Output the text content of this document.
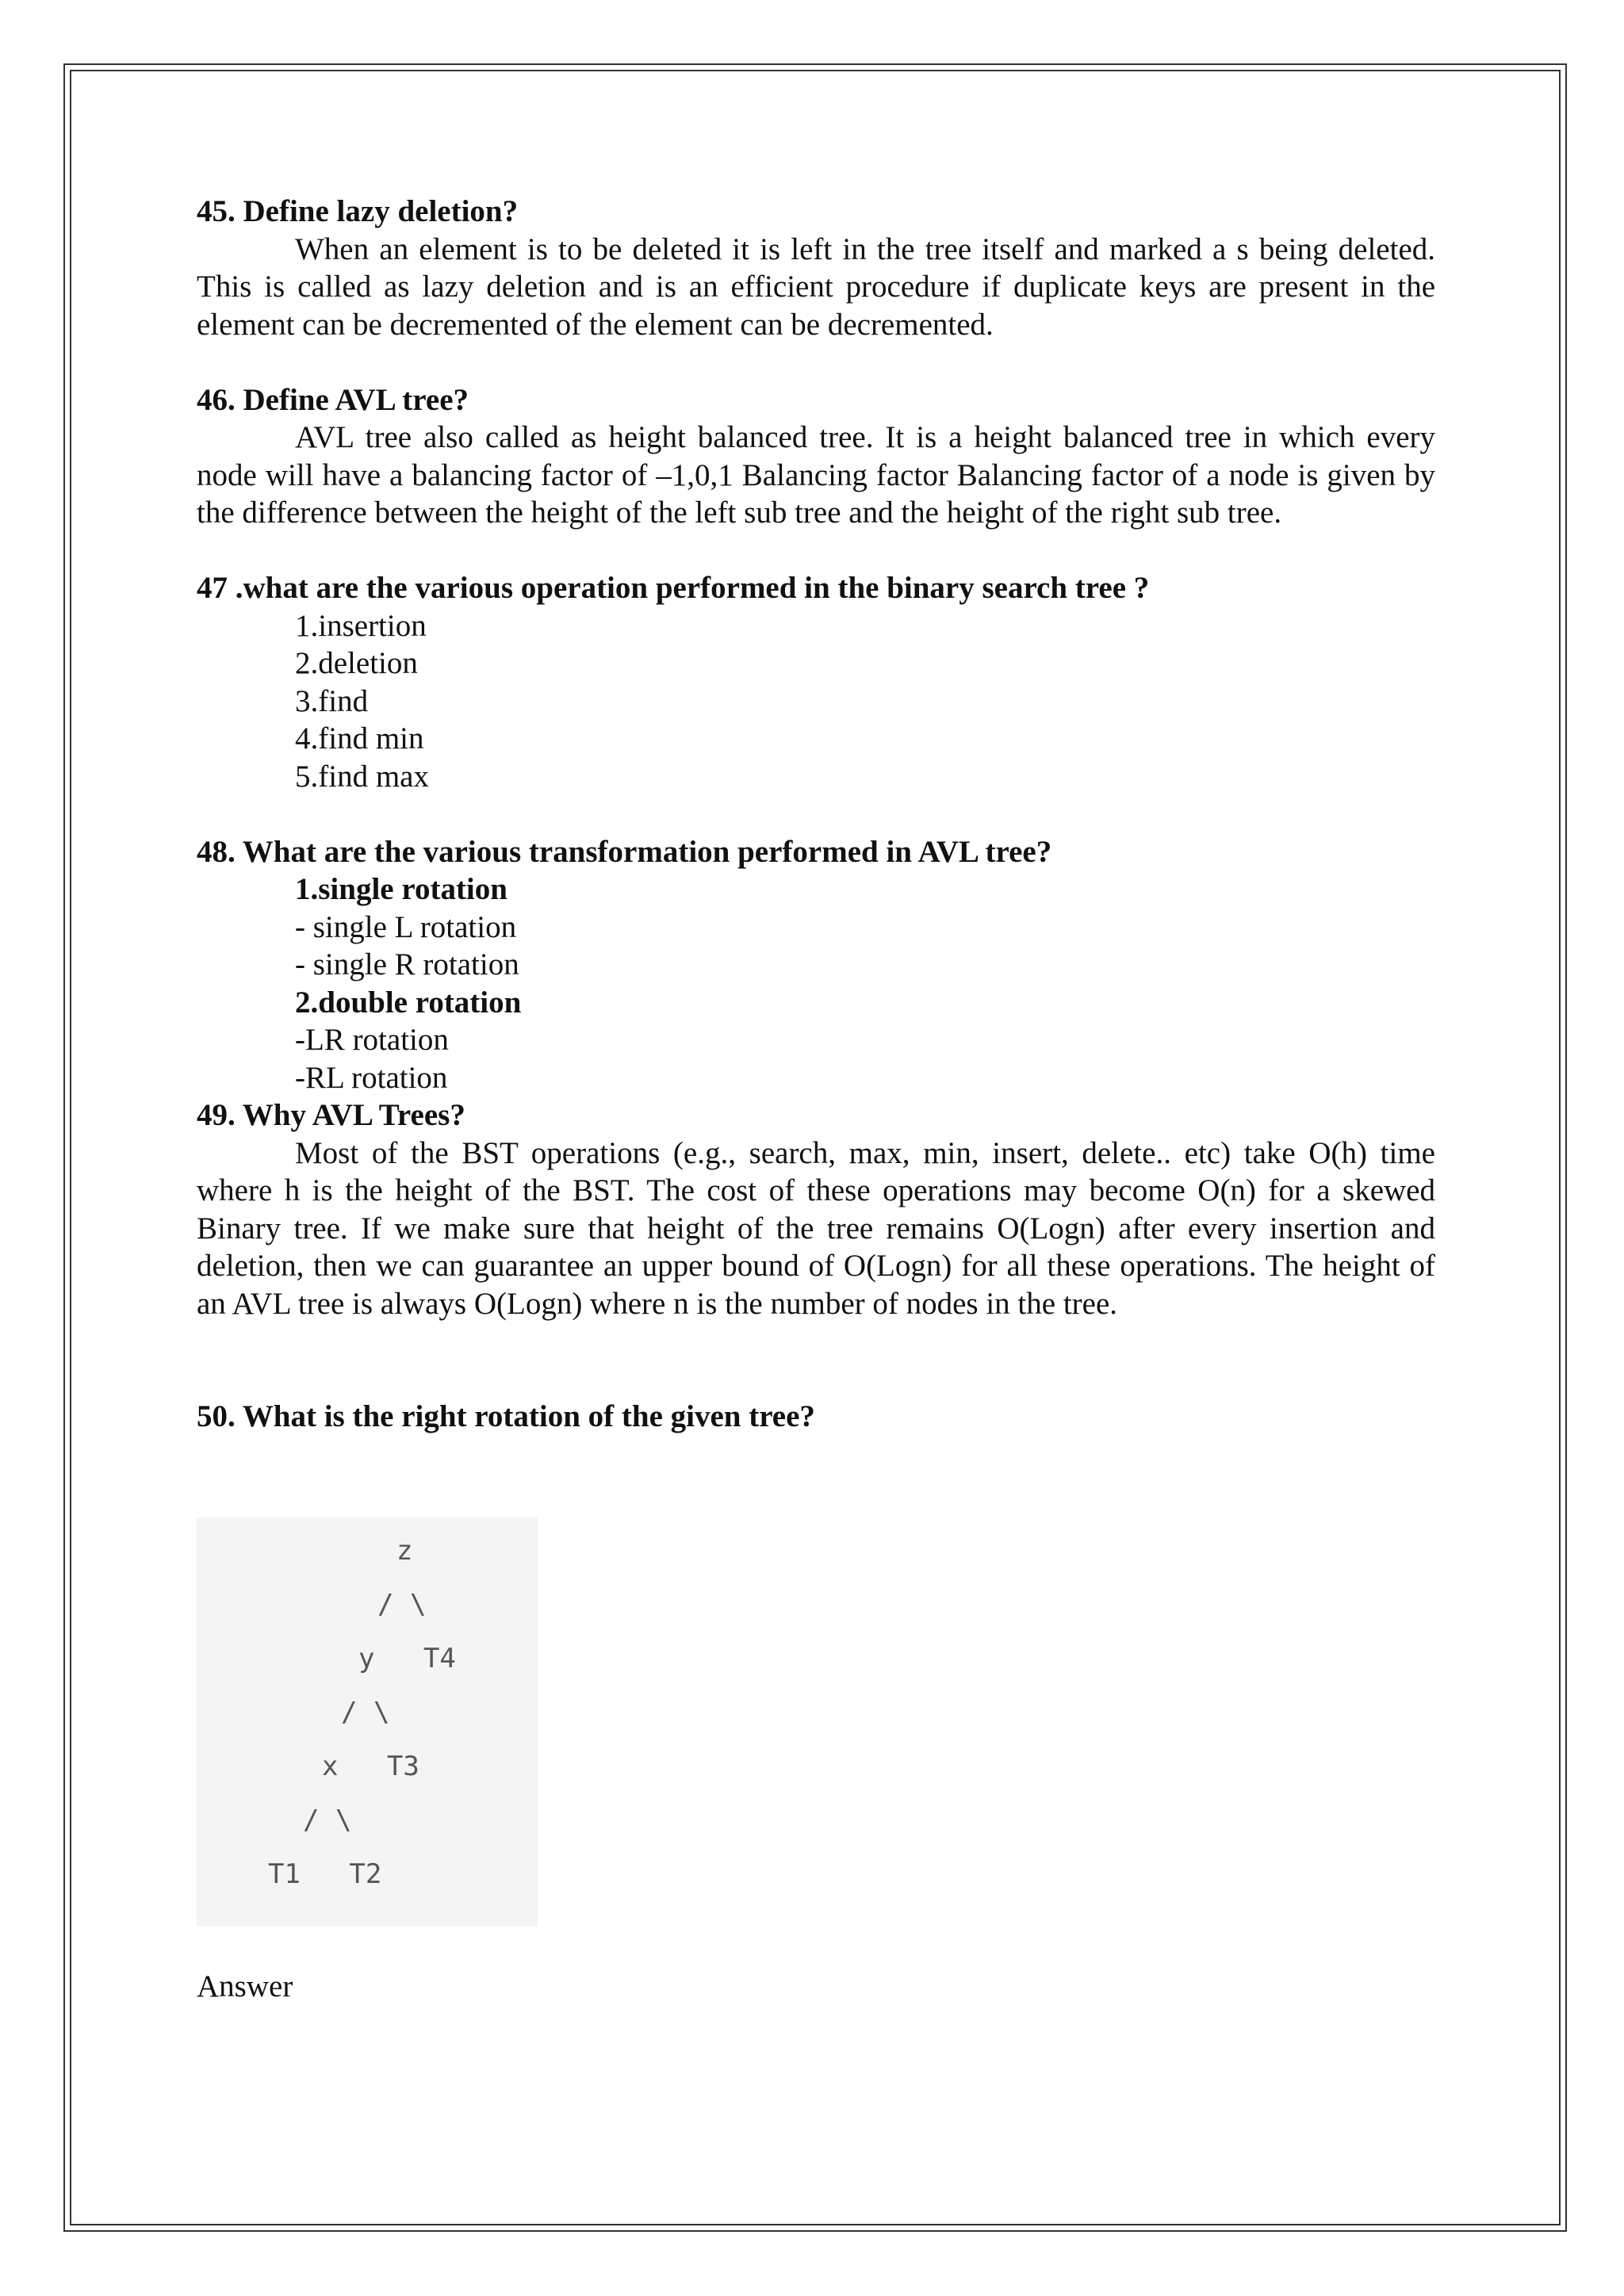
45. Define lazy deletion?

When an element is to be deleted it is left in the tree itself and marked a s being deleted. This is called as lazy deletion and is an efficient procedure if duplicate keys are present in the element can be decremented of the element can be decremented.

46. Define AVL tree?

AVL tree also called as height balanced tree. It is a height balanced tree in which every node will have a balancing factor of –1,0,1 Balancing factor Balancing factor of a node is given by the difference between the height of the left sub tree and the height of the right sub tree.

47 .what are the various operation performed in the binary search tree ?

1.insertion

2.deletion

3.find

4.find min

5.find max

48. What are the various transformation performed in AVL tree?

1.single rotation

- single L rotation

- single R rotation

2.double rotation

-LR rotation

-RL rotation

49. Why AVL Trees?

Most of the BST operations (e.g., search, max, min, insert, delete.. etc) take O(h) time where h is the height of the BST. The cost of these operations may become O(n) for a skewed Binary tree. If we make sure that height of the tree remains O(Logn) after every insertion and deletion, then we can guarantee an upper bound of O(Logn) for all these operations. The height of an AVL tree is always O(Logn) where n is the number of nodes in the tree.

50. What is the right rotation of the given tree?

z

/ \

y   T4

/ \

x   T3

/ \

T1   T2

Answer
